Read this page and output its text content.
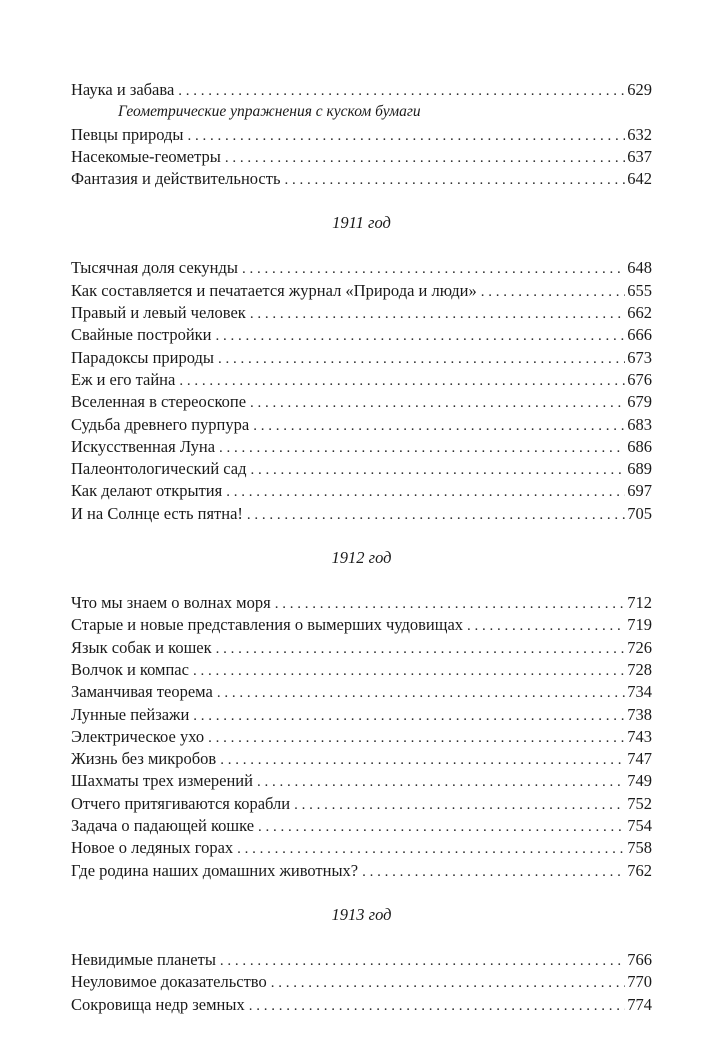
Наука и забава . . .	629
Геометрические упражнения с куском бумаги
Певцы природы . . .	632
Насекомые-геометры . . .	637
Фантазия и действительность . . .	642
1911 год
Тысячная доля секунды . . .	648
Как составляется и печатается журнал «Природа и люди» . . .	655
Правый и левый человек . . .	662
Свайные постройки . . .	666
Парадоксы природы . . .	673
Еж и его тайна . . .	676
Вселенная в стереоскопе . . .	679
Судьба древнего пурпура . . .	683
Искусственная Луна . . .	686
Палеонтологический сад . . .	689
Как делают открытия . . .	697
И на Солнце есть пятна! . . .	705
1912 год
Что мы знаем о волнах моря . . .	712
Старые и новые представления о вымерших чудовищах . . .	719
Язык собак и кошек . . .	726
Волчок и компас . . .	728
Заманчивая теорема . . .	734
Лунные пейзажи . . .	738
Электрическое ухо . . .	743
Жизнь без микробов . . .	747
Шахматы трех измерений . . .	749
Отчего притягиваются корабли . . .	752
Задача о падающей кошке . . .	754
Новое о ледяных горах . . .	758
Где родина наших домашних животных? . . .	762
1913 год
Невидимые планеты . . .	766
Неуловимое доказательство . . .	770
Сокровища недр земных . . .	774
